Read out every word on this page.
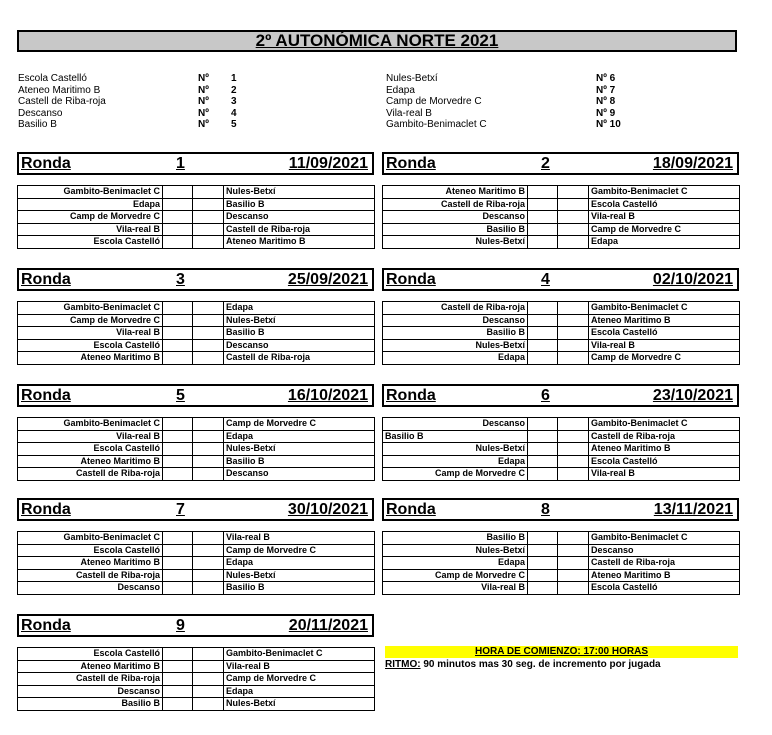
2º AUTONÓMICA NORTE 2021
Escola Castelló	Nº 1
Ateneo Maritimo B	Nº 2
Castell de Riba-roja	Nº 3
Descanso	Nº 4
Basilio B	Nº 5
Nules-Betxí	Nº 6
Edapa	Nº 7
Camp de Morvedre C	Nº 8
Vila-real B	Nº 9
Gambito-Benimaclet C	Nº 10
Ronda	1	11/09/2021
Gambito-Benimaclet C			Nules-Betxí
Edapa			Basilio B
Camp de Morvedre C			Descanso
Vila-real B			Castell de Riba-roja
Escola Castelló			Ateneo Maritimo B
Ronda	2	18/09/2021
Ateneo Maritimo B			Gambito-Benimaclet C
Castell de Riba-roja			Escola Castelló
Descanso			Vila-real B
Basilio B			Camp de Morvedre C
Nules-Betxí			Edapa
Ronda	3	25/09/2021
Gambito-Benimaclet C			Edapa
Camp de Morvedre C			Nules-Betxí
Vila-real B			Basilio B
Escola Castelló			Descanso
Ateneo Maritimo B			Castell de Riba-roja
Ronda	4	02/10/2021
Castell de Riba-roja			Gambito-Benimaclet C
Descanso			Ateneo Maritimo B
Basilio B			Escola Castelló
Nules-Betxí			Vila-real B
Edapa			Camp de Morvedre C
Ronda	5	16/10/2021
Gambito-Benimaclet C			Camp de Morvedre C
Vila-real B			Edapa
Escola Castelló			Nules-Betxí
Ateneo Maritimo B			Basilio B
Castell de Riba-roja			Descanso
Ronda	6	23/10/2021
Descanso			Gambito-Benimaclet C
Basilio B			Castell de Riba-roja
Nules-Betxí			Ateneo Maritimo B
Edapa			Escola Castelló
Camp de Morvedre C			Vila-real B
Ronda	7	30/10/2021
Gambito-Benimaclet C			Vila-real B
Escola Castelló			Camp de Morvedre C
Ateneo Maritimo B			Edapa
Castell de Riba-roja			Nules-Betxí
Descanso			Basilio B
Ronda	8	13/11/2021
Basilio B			Gambito-Benimaclet C
Nules-Betxí			Descanso
Edapa			Castell de Riba-roja
Camp de Morvedre C			Ateneo Maritimo B
Vila-real B			Escola Castelló
Ronda	9	20/11/2021
Escola Castelló			Gambito-Benimaclet C
Ateneo Maritimo B			Vila-real B
Castell de Riba-roja			Camp de Morvedre C
Descanso			Edapa
Basilio B			Nules-Betxí
HORA DE COMIENZO: 17:00 HORAS
RITMO: 90 minutos mas 30 seg. de incremento por jugada
